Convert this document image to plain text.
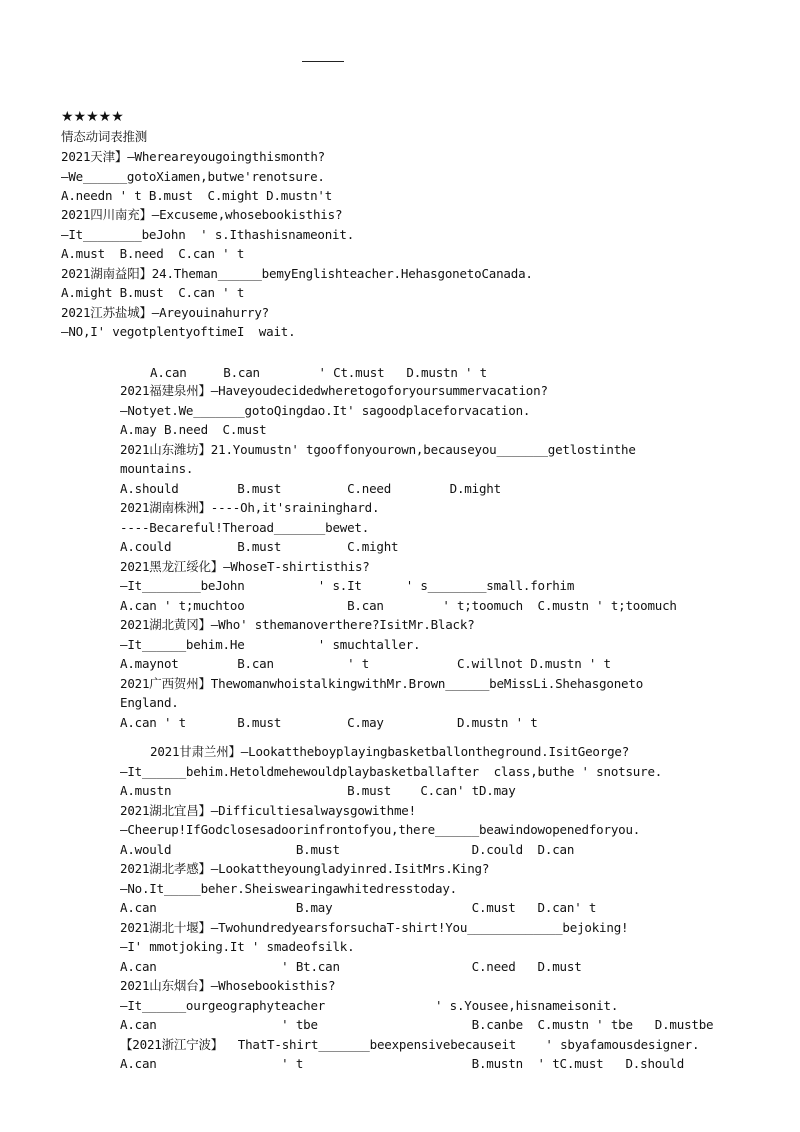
★★★★★
情态动词表推测
2021天津】—Whereareyougoingthismonth?
—We______gotoXiamen,butwe'renotsure.
A.needn ' t B.must  C.might D.mustn't
2021四川南充】—Excuseme,whosebookisthis?
—It________beJohn  ' s.Ithashisnameonit.
A.must  B.need  C.can ' t
2021湖南益阳】24.Theman______bemyEnglishteacher.HehasgonetoCanada.
A.might B.must  C.can ' t
2021江苏盐城】—Areyouinahurry?
—NO,I' vegotplentyoftimeI  wait.
A.can     B.can        ' Ct.must   D.mustn ' t
2021福建泉州】—Haveyoudecidedwheretogoforyoursummervacation?
—Notyet.We_______gotoQingdao.It' sagoodplaceforvacation.
A.may B.need  C.must
2021山东潍坊】21.Youmustn' tgooffonyourown,becauseyou_______getlostinthe
mountains.
A.should        B.must         C.need        D.might
2021湖南株洲】----Oh,it'sraininghard.
----Becareful!Theroad_______bewet.
A.could         B.must         C.might
2021黑龙江绥化】—WhoseT-shirtisthis?
—It________beJohn          ' s.It      ' s________small.forhim
A.can ' t;muchtoo              B.can        ' t;toomuch  C.mustn ' t;toomuch
2021湖北黄冈】—Who' sthemanoverthere?IsitMr.Black?
—It______behim.He          ' smuchtaller.
A.maynot        B.can          ' t            C.willnot D.mustn ' t
2021广西贺州】ThewomanwhoistalkingwithMr.Brown______beMissLi.Shehasgoneto
England.
A.can ' t       B.must         C.may          D.mustn ' t
2021甘肃兰州】—Lookattheboyplayingbasketballontheground.IsitGeorge?
—It______behim.Hetoldmehewouldplaybasketballafter  class,buthe ' snotsure.
A.mustn                        B.must    C.can' tD.may
2021湖北宜昌】—Difficultiesalwaysgowithme!
—Cheerup!IfGodclosesadoorinfrontofyou,there______beawindowopenedforyou.
A.would                 B.must                  D.could  D.can
2021湖北孝感】—Lookattheyoungladyinred.IsitMrs.King?
—No.It_____beher.Sheiswearingawhitedresstoday.
A.can                   B.may                   C.must   D.can' t
2021湖北十堰】—TwohundredyearsforsuchaT-shirt!You_____________bejoking!
—I' mmotjoking.It ' smadeofsilk.
A.can                 ' Bt.can                  C.need   D.must
2021山东烟台】—Whosebookisthis?
—It______ourgeographyteacher               ' s.Yousee,hisnameisonit.
A.can                 ' tbe                     B.canbe  C.mustn ' tbe   D.mustbe
【2021浙江宁波】  ThatT-shirt_______beexpensivebecauseit    ' sbyafamousdesigner.
A.can                 ' t                       B.mustn  ' tC.must   D.should
